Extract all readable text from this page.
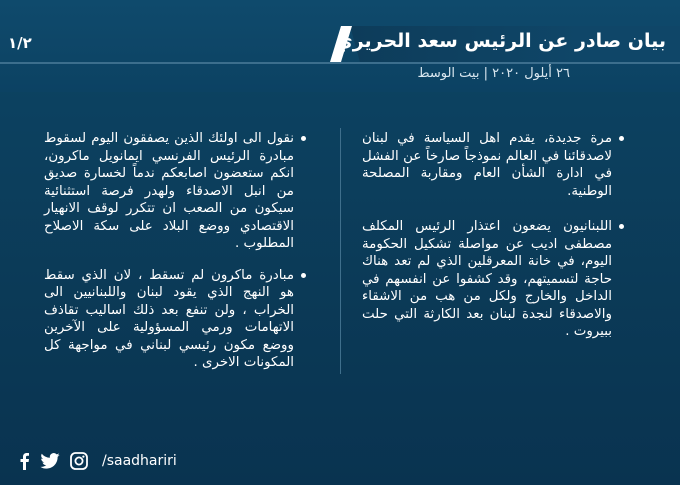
بيان صادر عن الرئيس سعد الحريري
١/٢
٢٦ أيلول ٢٠٢٠ | بيت الوسط
مرة جديدة، يقدم اهل السياسة في لبنان لاصدقائنا في العالم نموذجاً صارخاً عن الفشل في ادارة الشأن العام ومقاربة المصلحة الوطنية.
اللبنانيون يضعون اعتذار الرئيس المكلف مصطفى اديب عن مواصلة تشكيل الحكومة اليوم، في خانة المعرقلين الذي لم تعد هناك حاجة لتسميتهم، وقد كشفوا عن انفسهم في الداخل والخارج ولكل من هب من الاشقاء والاصدقاء لنجدة لبنان بعد الكارثة التي حلت ببيروت .
نقول الى اولئك الذين يصفقون اليوم لسقوط مبادرة الرئيس الفرنسي ايمانويل ماكرون، انكم ستعضون اصابعكم ندماً لخسارة صديق من انبل الاصدقاء ولهدر فرصة استثنائية سيكون من الصعب ان تتكرر لوقف الانهيار الاقتصادي ووضع البلاد على سكة الاصلاح المطلوب .
مبادرة ماكرون لم تسقط ، لان الذي سقط هو النهج الذي يقود لبنان واللبنانيين الى الخراب ، ولن تنفع بعد ذلك اساليب تقاذف الاتهامات ورمي المسؤولية على الآخرين ووضع مكون رئيسي لبناني في مواجهة كل المكونات الاخرى .
/saadhariri
